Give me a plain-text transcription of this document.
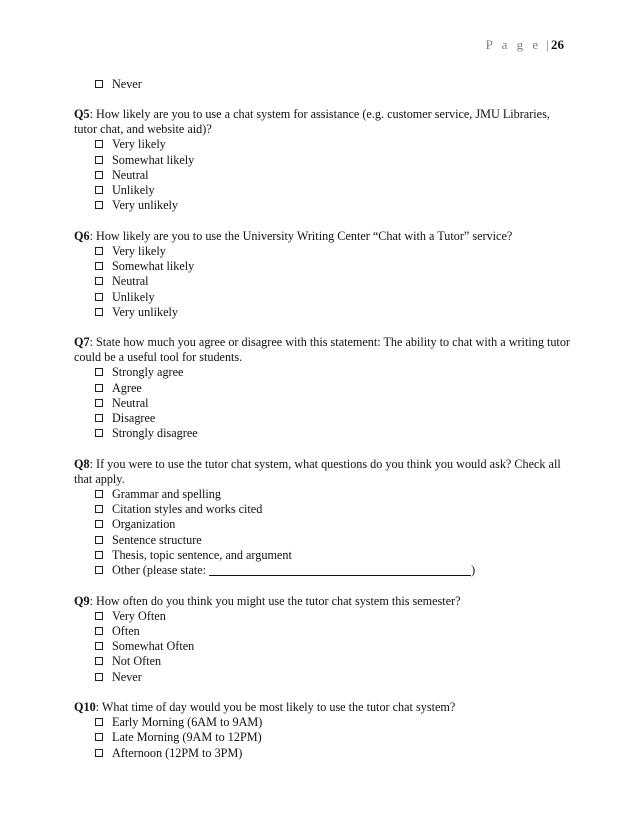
P a g e | 26
Never
Q5: How likely are you to use a chat system for assistance (e.g. customer service, JMU Libraries, tutor chat, and website aid)?
Very likely
Somewhat likely
Neutral
Unlikely
Very unlikely
Q6: How likely are you to use the University Writing Center “Chat with a Tutor” service?
Very likely
Somewhat likely
Neutral
Unlikely
Very unlikely
Q7: State how much you agree or disagree with this statement: The ability to chat with a writing tutor could be a useful tool for students.
Strongly agree
Agree
Neutral
Disagree
Strongly disagree
Q8: If you were to use the tutor chat system, what questions do you think you would ask? Check all that apply.
Grammar and spelling
Citation styles and works cited
Organization
Sentence structure
Thesis, topic sentence, and argument
Other (please state:	)
Q9: How often do you think you might use the tutor chat system this semester?
Very Often
Often
Somewhat Often
Not Often
Never
Q10: What time of day would you be most likely to use the tutor chat system?
Early Morning (6AM to 9AM)
Late Morning (9AM to 12PM)
Afternoon (12PM to 3PM)
